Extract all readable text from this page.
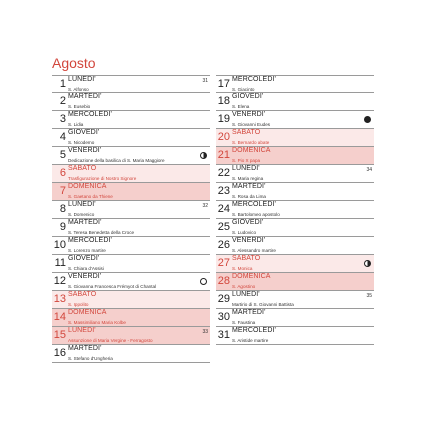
Agosto
1 LUNEDI'
S. Alfonso
31
2 MARTEDI'
S. Eusebio
3 MERCOLEDI'
S. Lidia
4 GIOVEDI'
S. Nicodemo
5 VENERDI'
Dedicazione della basilica di S. Maria Maggiore
6 SABATO
Trasfigurazione di Nostro Signore
7 DOMENICA
S. Gaetano da Thiene
8 LUNEDI'
S. Domenico
32
9 MARTEDI'
S. Teresa Benedetta della Croce
10 MERCOLEDI'
S. Lorenzo martire
11 GIOVEDI'
S. Chiara d'Assisi
12 VENERDI'
S. Giovanna Francesca Frémyot di Chantal
13 SABATO
S. Ippolito
14 DOMENICA
S. Massimiliano Maria Kolbe
15 LUNEDI'
Assunzione di Maria Vergine - Ferragosto
33
16 MARTEDI'
S. Stefano d'Ungheria
17 MERCOLEDI'
S. Giacinto
18 GIOVEDI'
S. Elena
19 VENERDI'
S. Giovanni Eudes
20 SABATO
S. Bernardo abate
21 DOMENICA
S. Pio X papa
22 LUNEDI'
S. Maria regina
34
23 MARTEDI'
S. Rosa da Lima
24 MERCOLEDI'
S. Bartolomeo apostolo
25 GIOVEDI'
S. Ludovico
26 VENERDI'
S. Alessandro martire
27 SABATO
S. Monica
28 DOMENICA
S. Agostino
29 LUNEDI'
Martirio di S. Giovanni Battista
35
30 MARTEDI'
S. Faustina
31 MERCOLEDI'
S. Aristide martire
